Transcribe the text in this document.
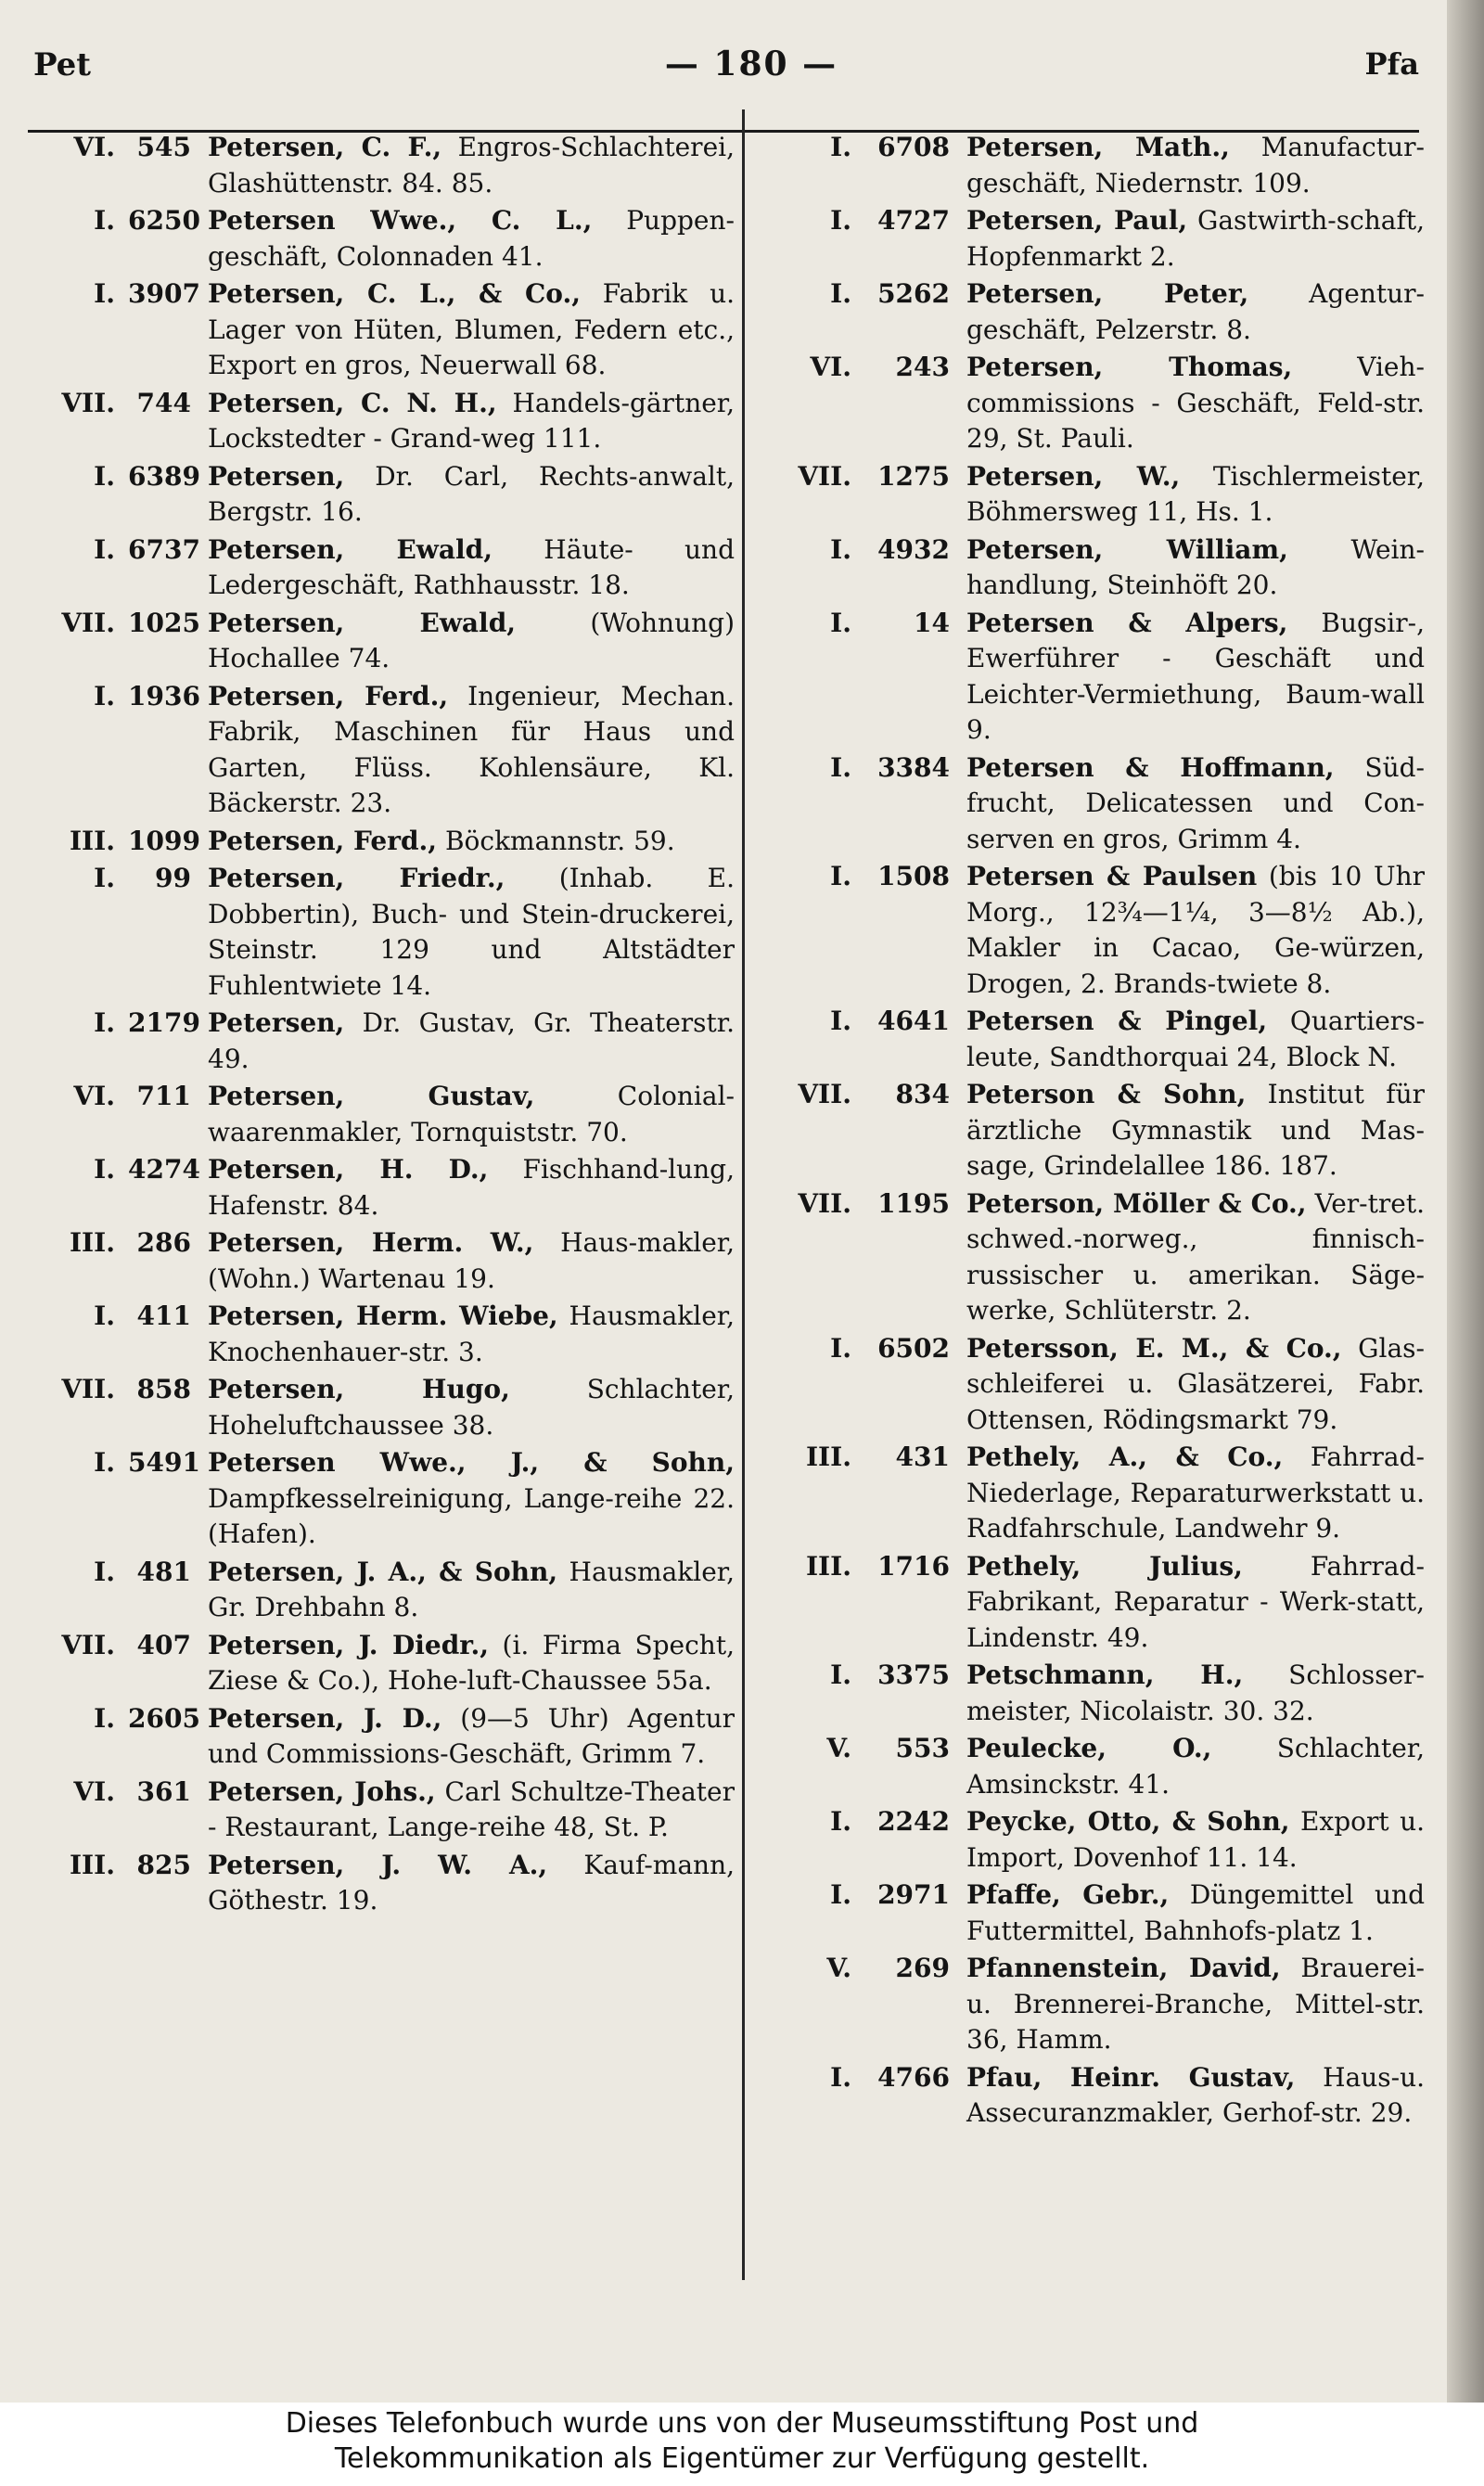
Pet	— 180 —	Pfa
VI. 545 Petersen, C. F., Engros-Schlachterei, Glashüttenstr. 84. 85.
I. 6250 Petersen Wwe., C. L., Puppen-geschäft, Colonnaden 41.
I. 3907 Petersen, C. L., & Co., Fabrik u. Lager von Hüten, Blumen, Federn etc., Export en gros, Neuerwall 68.
VII. 744 Petersen, C. N. H., Handels-gärtner, Lockstedter - Grand-weg 111.
I. 6389 Petersen, Dr. Carl, Rechts-anwalt, Bergstr. 16.
I. 6737 Petersen, Ewald, Häute- und Ledergeschäft, Rathhausstr. 18.
VII. 1025 Petersen, Ewald, (Wohnung) Hochallee 74.
I. 1936 Petersen, Ferd., Ingenieur, Mechan. Fabrik, Maschinen für Haus und Garten, Flüss. Kohlensäure, Kl. Bäckerstr. 23.
III. 1099 Petersen, Ferd., Böckmannstr. 59.
I.	99 Petersen, Friedr., (Inhab. E. Dobbertin), Buch- und Stein-druckerei, Steinstr. 129 und Altstädter Fuhlentwiete 14.
I. 2179 Petersen, Dr. Gustav, Gr. Theaterstr. 49.
VI. 711 Petersen, Gustav, Colonial-waarenmakler, Tornquiststr. 70.
I. 4274 Petersen, H. D., Fischhand-lung, Hafenstr. 84.
III. 286 Petersen, Herm. W., Haus-makler, (Wohn.) Wartenau 19.
I. 411 Petersen, Herm. Wiebe, Hausmakler, Knochenhauer-str. 3.
VII. 858 Petersen, Hugo, Schlachter, Hoheluftchaussee 38.
I. 5491 Petersen Wwe., J., & Sohn, Dampfkesselreinigung, Lange-reihe 22. (Hafen).
I. 481 Petersen, J. A., & Sohn, Hausmakler, Gr. Drehbahn 8.
VII. 407 Petersen, J. Diedr., (i. Firma Specht, Ziese & Co.), Hohe-luft-Chaussee 55a.
I. 2605 Petersen, J. D., (9—5 Uhr) Agentur und Commissions-Geschäft, Grimm 7.
VI. 361 Petersen, Johs., Carl Schultze-Theater - Restaurant, Lange-reihe 48, St. P.
III. 825 Petersen, J. W. A., Kauf-mann, Göthestr. 19.
I.	6708 Petersen, Math., Manufactur-geschäft, Niedernstr. 109.
I.	4727 Petersen, Paul, Gastwirth-schaft, Hopfenmarkt 2.
I.	5262 Petersen, Peter, Agentur-geschäft, Pelzerstr. 8.
VI.	243 Petersen, Thomas, Vieh-commissions - Geschäft, Feld-str. 29, St. Pauli.
VII.	1275 Petersen, W., Tischlermeister, Böhmersweg 11, Hs. 1.
I.	4932 Petersen, William, Wein-handlung, Steinhöft 20.
I.	14 Petersen & Alpers, Bugsir-, Ewerführer - Geschäft und Leichter-Vermiethung, Baum-wall 9.
I.	3384 Petersen & Hoffmann, Süd-frucht, Delicatessen und Con-serven en gros, Grimm 4.
I.	1508 Petersen & Paulsen (bis 10 Uhr Morg., 12¾—1¼, 3—8½ Ab.), Makler in Cacao, Ge-würzen, Drogen, 2. Brands-twiete 8.
I.	4641 Petersen & Pingel, Quartiers-leute, Sandthorquai 24, Block N.
VII.	834 Peterson & Sohn, Institut für ärztliche Gymnastik und Mas-sage, Grindelallee 186. 187.
VII.	1195 Peterson, Möller & Co., Ver-tret. schwed.-norweg., finnisch-russischer u. amerikan. Säge-werke, Schlüterstr. 2.
I.	6502 Petersson, E. M., & Co., Glas-schleiferei u. Glasätzerei, Fabr. Ottensen, Rödingsmarkt 79.
III.	431 Pethely, A., & Co., Fahrrad-Niederlage, Reparaturwerkstatt u. Radfahrschule, Landwehr 9.
III.	1716 Pethely, Julius, Fahrrad-Fabrikant, Reparatur - Werk-statt, Lindenstr. 49.
I.	3375 Petschmann, H., Schlosser-meister, Nicolaistr. 30. 32.
V.	553 Peulecke, O., Schlachter, Amsinckstr. 41.
I.	2242 Peycke, Otto, & Sohn, Export u. Import, Dovenhof 11. 14.
I.	2971 Pfaffe, Gebr., Düngemittel und Futtermittel, Bahnhofs-platz 1.
V.	269 Pfannenstein, David, Brauerei-u. Brennerei-Branche, Mittel-str. 36, Hamm.
I.	4766 Pfau, Heinr. Gustav, Haus-u. Assecuranzmakler, Gerhof-str. 29.
Dieses Telefonbuch wurde uns von der Museumsstiftung Post und
Telekommunikation als Eigentümer zur Verfügung gestellt.
